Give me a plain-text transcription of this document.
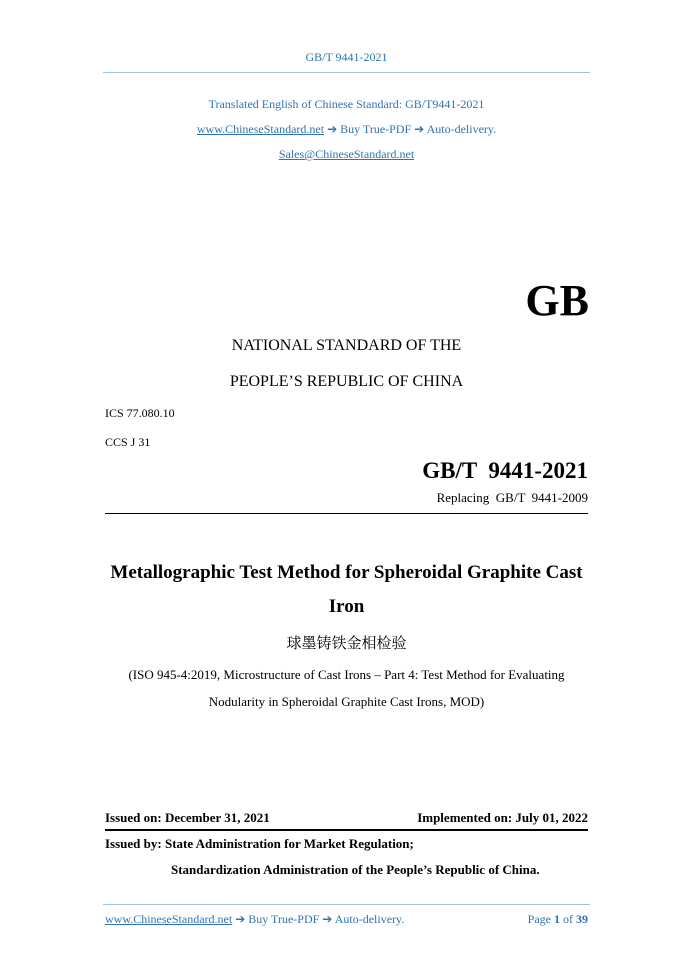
GB/T 9441-2021
Translated English of Chinese Standard: GB/T9441-2021
www.ChineseStandard.net ➔ Buy True-PDF ➔ Auto-delivery.
Sales@ChineseStandard.net
GB
NATIONAL STANDARD OF THE
PEOPLE’S REPUBLIC OF CHINA
ICS 77.080.10
CCS J 31
GB/T  9441-2021
Replacing  GB/T  9441-2009
Metallographic Test Method for Spheroidal Graphite Cast
Iron
球墨铸铁金相检验
(ISO 945-4:2019, Microstructure of Cast Irons – Part 4: Test Method for Evaluating
Nodularity in Spheroidal Graphite Cast Irons, MOD)
Issued on: December 31, 2021	Implemented on: July 01, 2022
Issued by: State Administration for Market Regulation;
Standardization Administration of the People’s Republic of China.
www.ChineseStandard.net ➔ Buy True-PDF ➔ Auto-delivery.	Page 1 of 39
